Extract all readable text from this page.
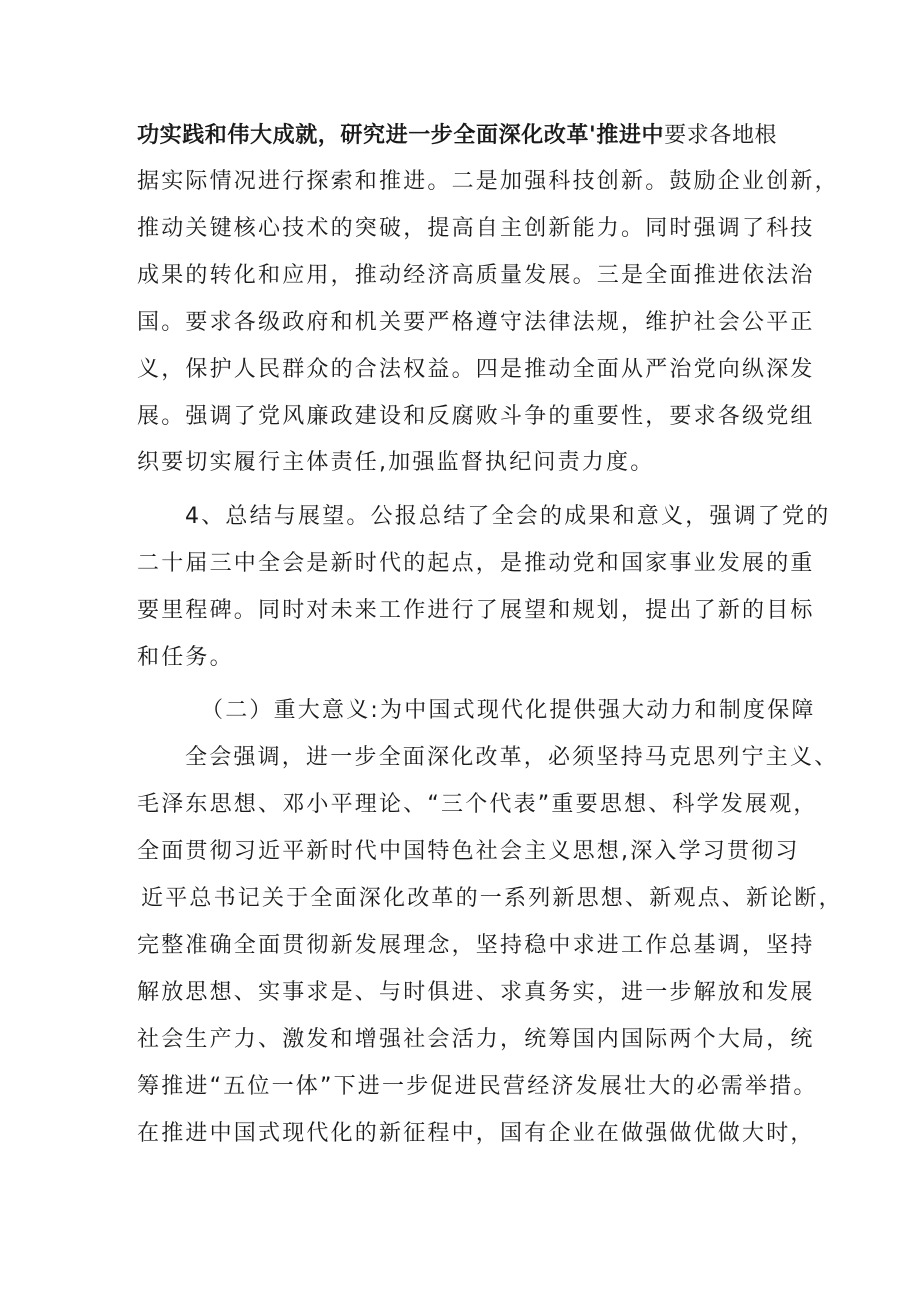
功实践和伟大成就，研究进一步全面深化改革'推进中要求各地根
据实际情况进行探索和推进。二是加强科技创新。鼓励企业创新，
推动关键核心技术的突破，提高自主创新能力。同时强调了科技
成果的转化和应用，推动经济高质量发展。三是全面推进依法治
国。要求各级政府和机关要严格遵守法律法规，维护社会公平正
义，保护人民群众的合法权益。四是推动全面从严治党向纵深发
展。强调了党风廉政建设和反腐败斗争的重要性，要求各级党组
织要切实履行主体责任,加强监督执纪问责力度。
4、总结与展望。公报总结了全会的成果和意义，强调了党的
二十届三中全会是新时代的起点，是推动党和国家事业发展的重
要里程碑。同时对未来工作进行了展望和规划，提出了新的目标
和任务。
（二）重大意义:为中国式现代化提供强大动力和制度保障
全会强调，进一步全面深化改革，必须坚持马克思列宁主义、
毛泽东思想、邓小平理论、“三个代表”重要思想、科学发展观，
全面贯彻习近平新时代中国特色社会主义思想,深入学习贯彻习
近平总书记关于全面深化改革的一系列新思想、新观点、新论断，
完整准确全面贯彻新发展理念，坚持稳中求进工作总基调，坚持
解放思想、实事求是、与时俱进、求真务实，进一步解放和发展
社会生产力、激发和增强社会活力，统筹国内国际两个大局，统
筹推进“五位一体”下进一步促进民营经济发展壮大的必需举措。
在推进中国式现代化的新征程中，国有企业在做强做优做大时，
